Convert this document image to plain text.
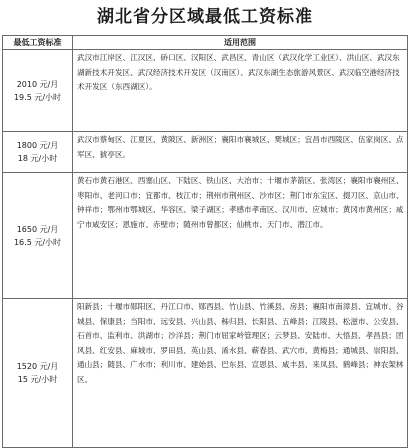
湖北省分区域最低工资标准
最低工资标准	适用范围

2010 元/月
19.5 元/小时	武汉市江岸区、江汉区、硚口区、汉阳区、武昌区、青山区（武汉化学工业区）、洪山区、武汉东湖新技术开发区、武汉经济技术开发区（汉南区）、武汉东湖生态旅游风景区、武汉临空港经济技术开发区（东西湖区）。

1800 元/月
18 元/小时	武汉市蔡甸区、江夏区、黄陂区、新洲区；襄阳市襄城区、樊城区；宜昌市西陵区、伍家岗区、点军区、猇亭区。

1650 元/月
16.5 元/小时	黄石市黄石港区、西塞山区、下陆区、铁山区、大冶市；十堰市茅箭区、张湾区；襄阳市襄州区、枣阳市、老河口市；宜都市、枝江市；荆州市荆州区、沙市区；荆门市东宝区、掇刀区、京山市、钟祥市；鄂州市鄂城区、华容区、梁子湖区；孝感市孝南区、汉川市、应城市；黄冈市黄州区；咸宁市咸安区；恩施市、赤壁市；随州市曾都区；仙桃市、天门市、潜江市。

1520 元/月
15 元/小时	阳新县；十堰市郧阳区、丹江口市、郧西县、竹山县、竹溪县、房县；襄阳市南漳县、宜城市、谷城县、保康县；当阳市、远安县、兴山县、秭归县、长阳县、五峰县；江陵县、松滋市、公安县、石首市、监利市、洪湖市；沙洋县；荆门市屈家岭管理区；云梦县、安陆市、大悟县、孝昌县；团风县、红安县、麻城市、罗田县、英山县、浠水县、蕲春县、武穴市、黄梅县；通城县、崇阳县、通山县；随县、广水市；利川市、建始县、巴东县、宣恩县、咸丰县、来凤县、鹤峰县；神农架林区。
